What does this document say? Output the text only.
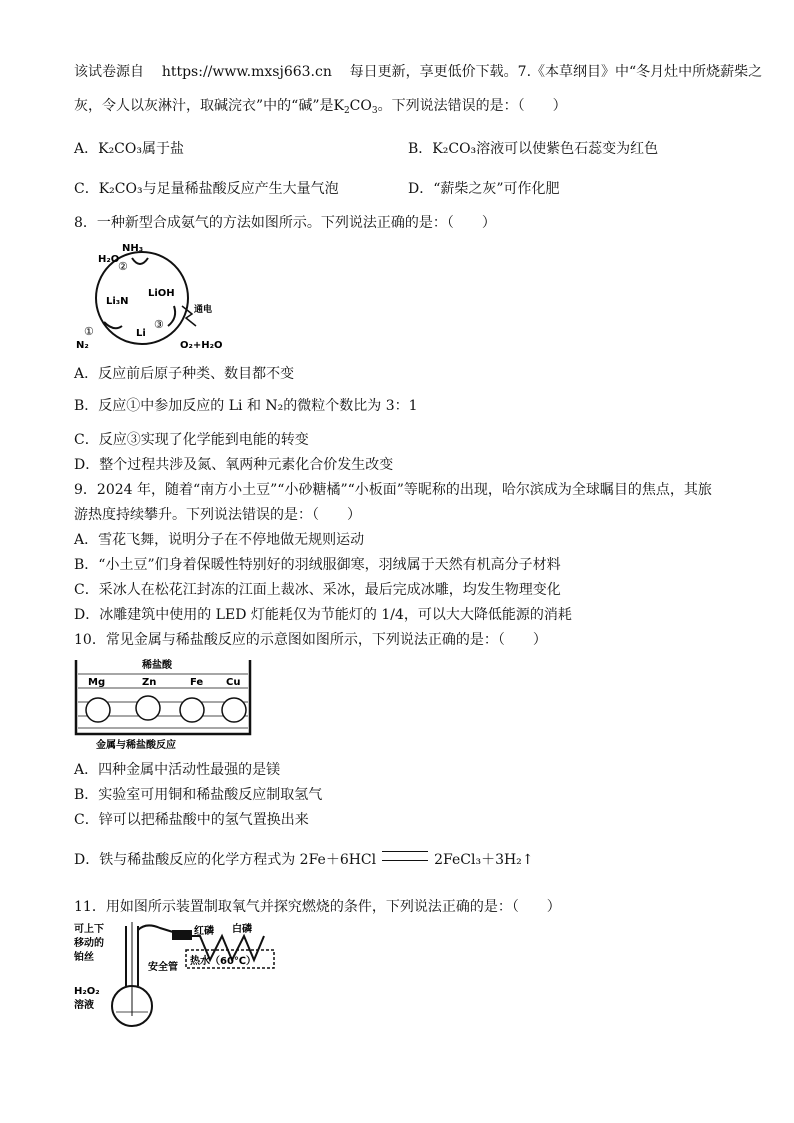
该试卷源自 https://www.mxsj663.cn 每日更新，享更低价下载。7.《本草纲目》中“冬月灶中所烧薪柴之
灰，令人以灰淋汁，取碱浣衣”中的“碱”是$K_2CO_3$。下列说法错误的是：（　　）
A．K₂CO₃属于盐	B．K₂CO₃溶液可以使紫色石蕊变为红色
C．K₂CO₃与足量稀盐酸反应产生大量气泡	D．“薪柴之灰”可作化肥
8．一种新型合成氨气的方法如图所示。下列说法正确的是：（　　）
NH₃
H₂O
Li₃N
LiOH
Li
通电
O₂+H₂O
N₂
①
②
③
A．反应前后原子种类、数目都不变
B．反应①中参加反应的 Li 和 N₂的微粒个数比为 3：1
C．反应③实现了化学能到电能的转变
D．整个过程共涉及氮、氧两种元素化合价发生改变
9．2024 年，随着“南方小土豆”“小砂糖橘”“小板面”等昵称的出现，哈尔滨成为全球瞩目的焦点，其旅
游热度持续攀升。下列说法错误的是：（　　）
A．雪花飞舞，说明分子在不停地做无规则运动
B．“小土豆”们身着保暖性特别好的羽绒服御寒，羽绒属于天然有机高分子材料
C．采冰人在松花江封冻的江面上裁冰、采冰，最后完成冰雕，均发生物理变化
D．冰雕建筑中使用的 LED 灯能耗仅为节能灯的 1/4，可以大大降低能源的消耗
10．常见金属与稀盐酸反应的示意图如图所示，下列说法正确的是：（　　）
稀盐酸
Mg	Zn	Fe Cu
金属与稀盐酸反应
A．四种金属中活动性最强的是镁
B．实验室可用铜和稀盐酸反应制取氢气
C．锌可以把稀盐酸中的氢气置换出来
D．铁与稀盐酸反应的化学方程式为 2Fe＋6HCl	2FeCl₃＋3H₂↑
11．用如图所示装置制取氧气并探究燃烧的条件，下列说法正确的是：（　　）
可上下
移动的
铂丝
H₂O₂
溶液
安全管
红磷 白磷
热水（60℃）
